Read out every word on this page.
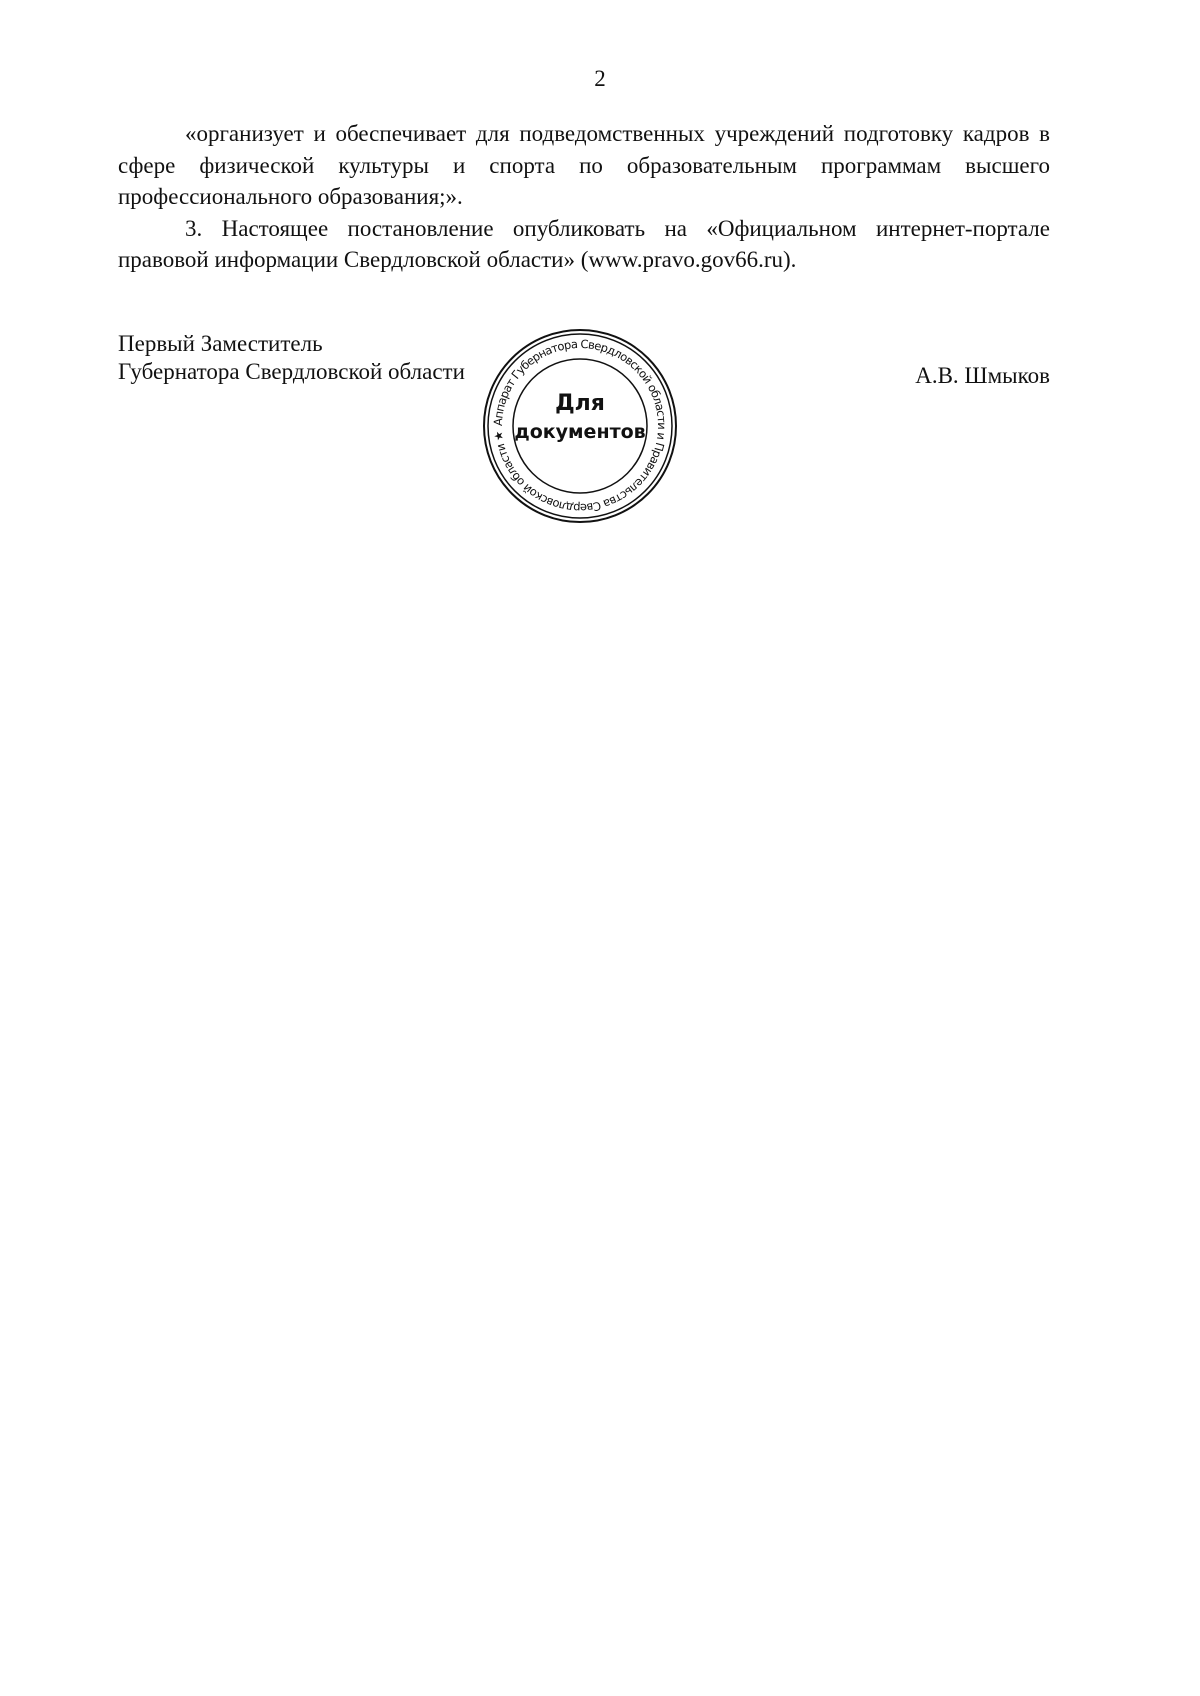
2

«организует и обеспечивает для подведомственных учреждений подготовку кадров в сфере физической культуры и спорта по образовательным программам высшего профессионального образования;».

3. Настоящее постановление опубликовать на «Официальном интернет-портале правовой информации Свердловской области» (www.pravo.gov66.ru).

Первый Заместитель
Губернатора Свердловской области	А.В. Шмыков
Аппарат Губернатора Свердловской области и Правительства Свердловской области ★
Для
документов
